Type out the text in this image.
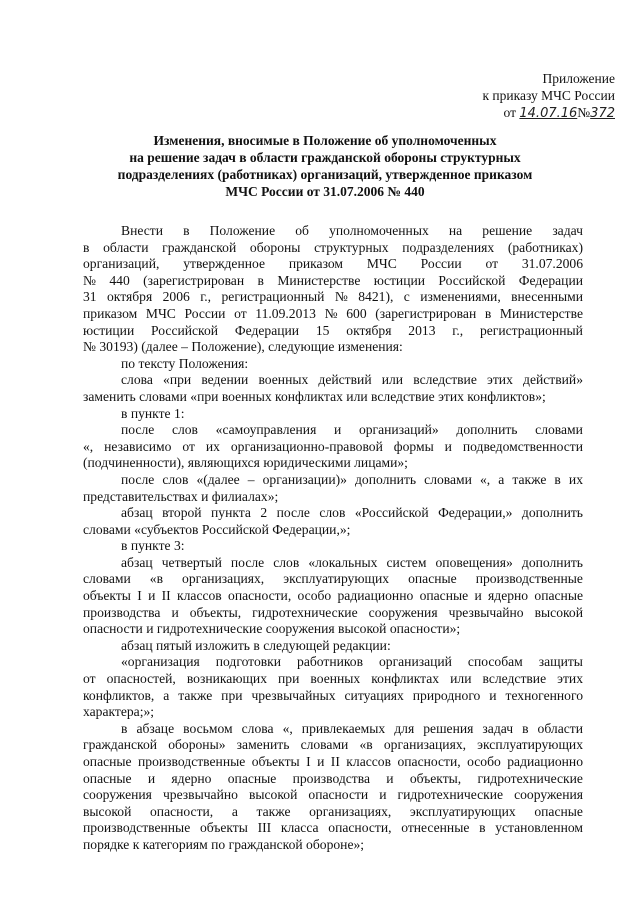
Приложение
к приказу МЧС России
от 14.07.16№372
Изменения, вносимые в Положение об уполномоченных
на решение задач в области гражданской обороны структурных
подразделениях (работниках) организаций, утвержденное приказом
МЧС России от 31.07.2006 № 440
Внести в Положение об уполномоченных на решение задач
в области гражданской обороны структурных подразделениях (работниках)
организаций, утвержденное приказом МЧС России от 31.07.2006
№ 440 (зарегистрирован в Министерстве юстиции Российской Федерации
31 октября 2006 г., регистрационный № 8421), с изменениями, внесенными
приказом МЧС России от 11.09.2013 № 600 (зарегистрирован в Министерстве
юстиции Российской Федерации 15 октября 2013 г., регистрационный
№ 30193) (далее – Положение), следующие изменения:
по тексту Положения:
слова «при ведении военных действий или вследствие этих действий»
заменить словами «при военных конфликтах или вследствие этих конфликтов»;
в пункте 1:
после слов «самоуправления и организаций» дополнить словами
«, независимо от их организационно-правовой формы и подведомственности
(подчиненности), являющихся юридическими лицами»;
после слов «(далее – организации)» дополнить словами «, а также в их
представительствах и филиалах»;
абзац второй пункта 2 после слов «Российской Федерации,» дополнить
словами «субъектов Российской Федерации,»;
в пункте 3:
абзац четвертый после слов «локальных систем оповещения» дополнить
словами «в организациях, эксплуатирующих опасные производственные
объекты I и II классов опасности, особо радиационно опасные и ядерно опасные
производства и объекты, гидротехнические сооружения чрезвычайно высокой
опасности и гидротехнические сооружения высокой опасности»;
абзац пятый изложить в следующей редакции:
«организация подготовки работников организаций способам защиты
от опасностей, возникающих при военных конфликтах или вследствие этих
конфликтов, а также при чрезвычайных ситуациях природного и техногенного
характера;»;
в абзаце восьмом слова «, привлекаемых для решения задач в области
гражданской обороны» заменить словами «в организациях, эксплуатирующих
опасные производственные объекты I и II классов опасности, особо радиационно
опасные и ядерно опасные производства и объекты, гидротехнические
сооружения чрезвычайно высокой опасности и гидротехнические сооружения
высокой опасности, а также организациях, эксплуатирующих опасные
производственные объекты III класса опасности, отнесенные в установленном
порядке к категориям по гражданской обороне»;
